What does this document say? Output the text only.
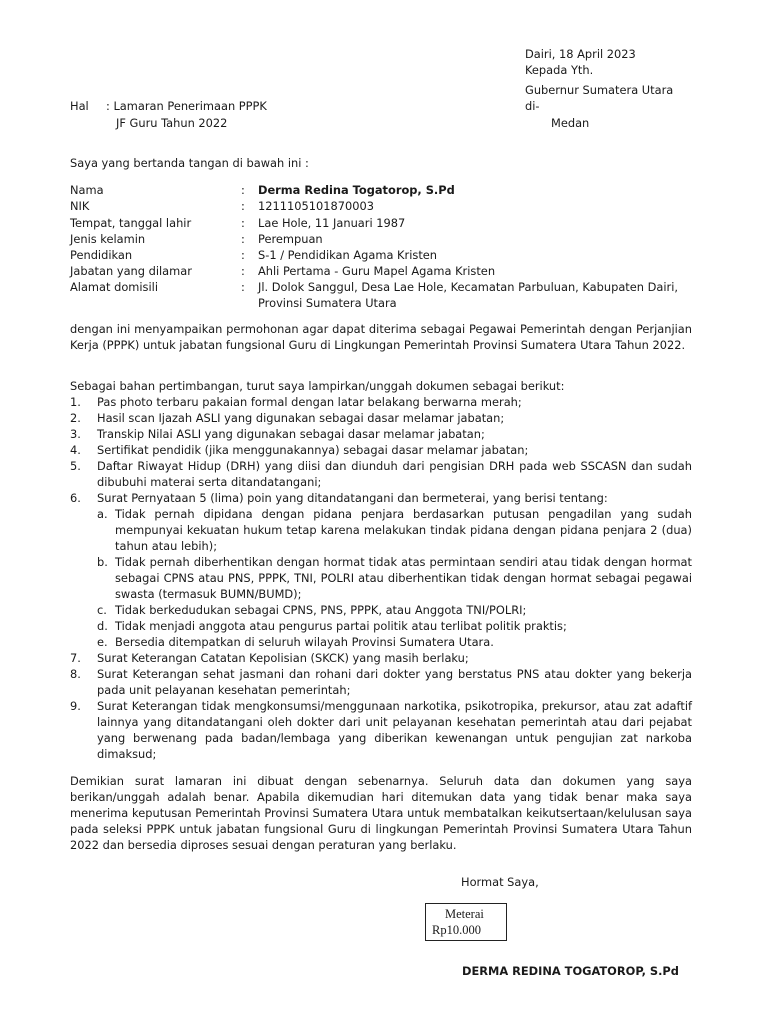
Dairi, 18 April 2023
Kepada Yth.
Gubernur Sumatera Utara
di-
Medan
Hal : Lamaran Penerimaan PPPK
JF Guru Tahun 2022
Saya yang bertanda tangan di bawah ini :
Nama	: Derma Redina Togatorop, S.Pd
NIK	: 1211105101870003
Tempat, tanggal lahir	: Lae Hole, 11 Januari 1987
Jenis kelamin	: Perempuan
Pendidikan	: S-1 / Pendidikan Agama Kristen
Jabatan yang dilamar	: Ahli Pertama - Guru Mapel Agama Kristen
Alamat domisili	: Jl. Dolok Sanggul, Desa Lae Hole, Kecamatan Parbuluan, Kabupaten Dairi,
Provinsi Sumatera Utara
dengan ini menyampaikan permohonan agar dapat diterima sebagai Pegawai Pemerintah dengan Perjanjian Kerja (PPPK) untuk jabatan fungsional Guru di Lingkungan Pemerintah Provinsi Sumatera Utara Tahun 2022.
Sebagai bahan pertimbangan, turut saya lampirkan/unggah dokumen sebagai berikut:
1. Pas photo terbaru pakaian formal dengan latar belakang berwarna merah;
2. Hasil scan Ijazah ASLI yang digunakan sebagai dasar melamar jabatan;
3. Transkip Nilai ASLI yang digunakan sebagai dasar melamar jabatan;
4. Sertifikat pendidik (jika menggunakannya) sebagai dasar melamar jabatan;
5. Daftar Riwayat Hidup (DRH) yang diisi dan diunduh dari pengisian DRH pada web SSCASN dan sudah dibubuhi materai serta ditandatangani;
6. Surat Pernyataan 5 (lima) poin yang ditandatangani dan bermeterai, yang berisi tentang:
a. Tidak pernah dipidana dengan pidana penjara berdasarkan putusan pengadilan yang sudah mempunyai kekuatan hukum tetap karena melakukan tindak pidana dengan pidana penjara 2 (dua) tahun atau lebih);
b. Tidak pernah diberhentikan dengan hormat tidak atas permintaan sendiri atau tidak dengan hormat sebagai CPNS atau PNS, PPPK, TNI, POLRI atau diberhentikan tidak dengan hormat sebagai pegawai swasta (termasuk BUMN/BUMD);
c. Tidak berkedudukan sebagai CPNS, PNS, PPPK, atau Anggota TNI/POLRI;
d. Tidak menjadi anggota atau pengurus partai politik atau terlibat politik praktis;
e. Bersedia ditempatkan di seluruh wilayah Provinsi Sumatera Utara.
7. Surat Keterangan Catatan Kepolisian (SKCK) yang masih berlaku;
8. Surat Keterangan sehat jasmani dan rohani dari dokter yang berstatus PNS atau dokter yang bekerja pada unit pelayanan kesehatan pemerintah;
9. Surat Keterangan tidak mengkonsumsi/menggunaan narkotika, psikotropika, prekursor, atau zat adaftif lainnya yang ditandatangani oleh dokter dari unit pelayanan kesehatan pemerintah atau dari pejabat yang berwenang pada badan/lembaga yang diberikan kewenangan untuk pengujian zat narkoba dimaksud;
Demikian surat lamaran ini dibuat dengan sebenarnya. Seluruh data dan dokumen yang saya berikan/unggah adalah benar. Apabila dikemudian hari ditemukan data yang tidak benar maka saya menerima keputusan Pemerintah Provinsi Sumatera Utara untuk membatalkan keikutsertaan/kelulusan saya pada seleksi PPPK untuk jabatan fungsional Guru di lingkungan Pemerintah Provinsi Sumatera Utara Tahun 2022 dan bersedia diproses sesuai dengan peraturan yang berlaku.
Hormat Saya,
Meterai
Rp10.000
DERMA REDINA TOGATOROP, S.Pd
